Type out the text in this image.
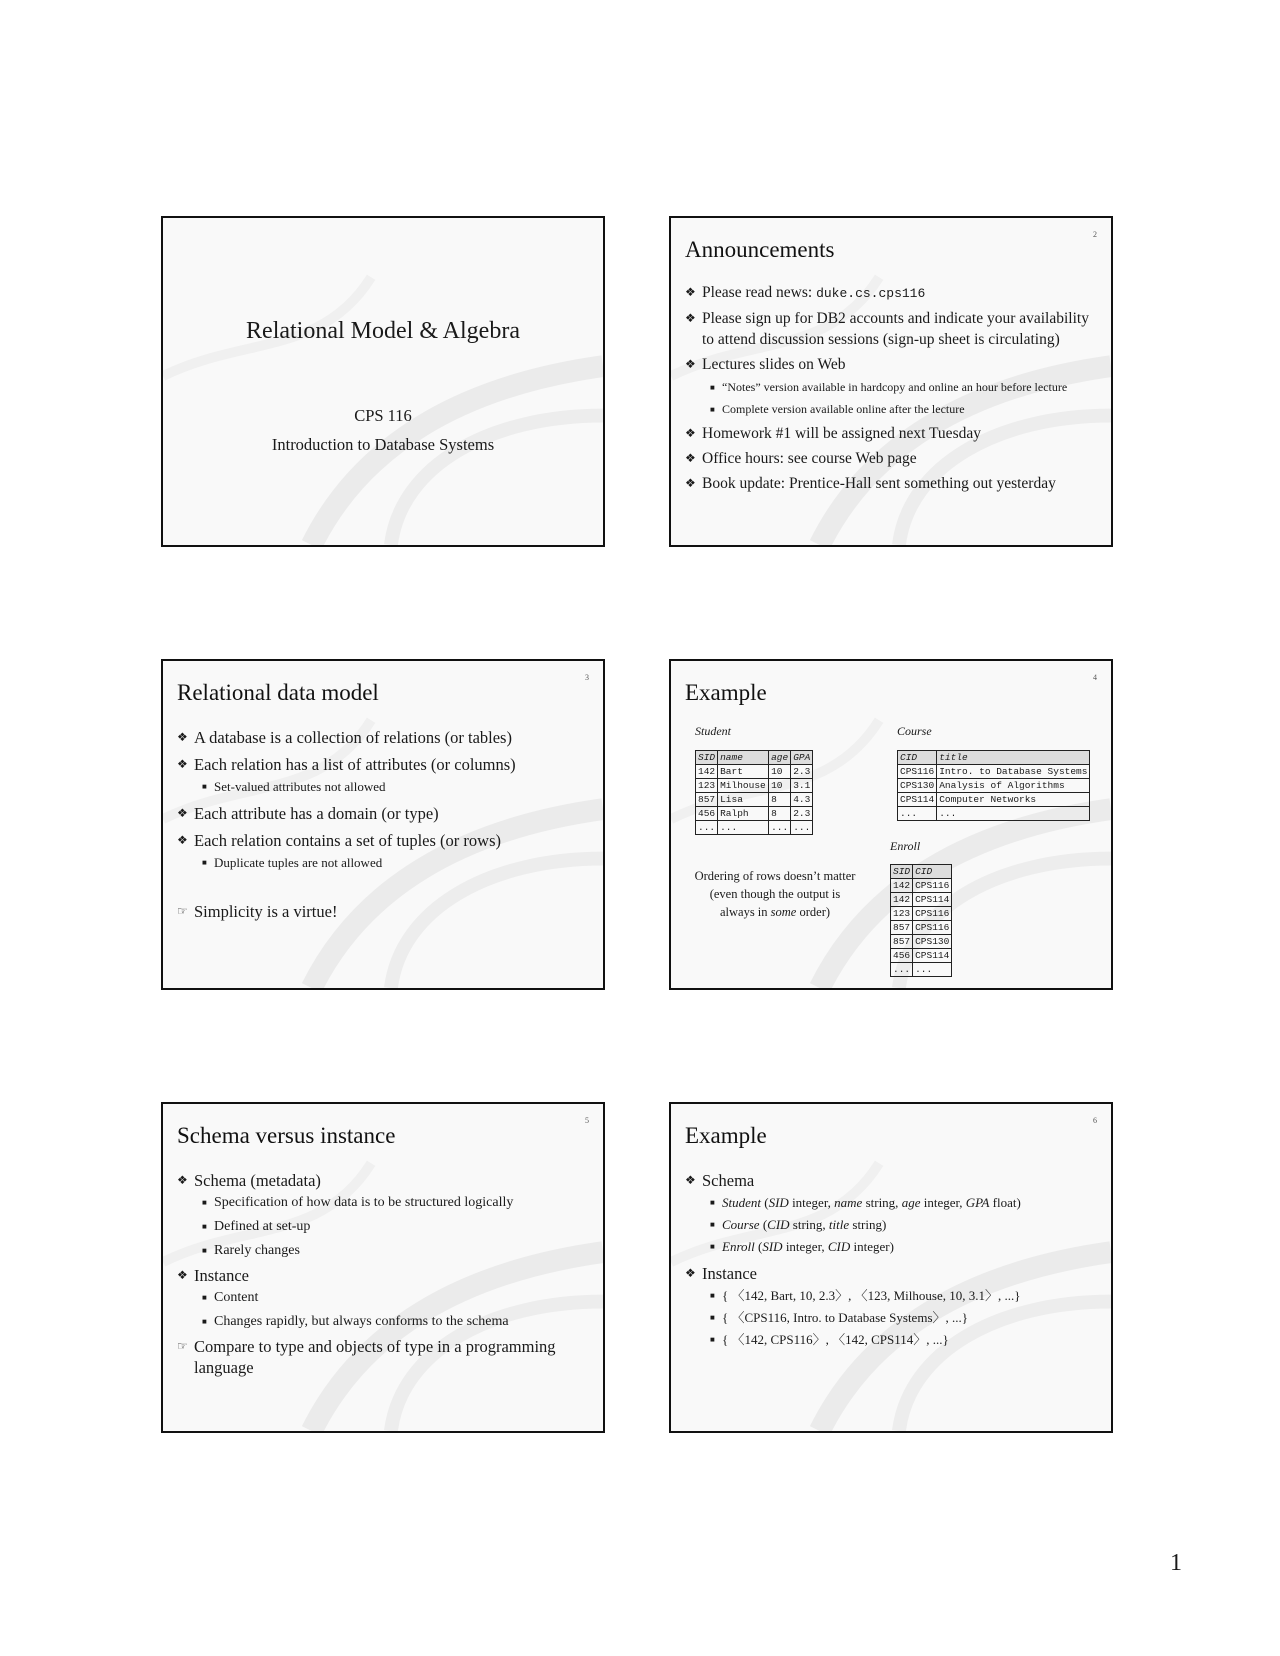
Relational Model & Algebra
CPS 116
Introduction to Database Systems
2
Announcements
❖ Please read news: duke.cs.cps116
❖ Please sign up for DB2 accounts and indicate your availability to attend discussion sessions (sign-up sheet is circulating)
❖ Lectures slides on Web
■ “Notes” version available in hardcopy and online an hour before lecture
■ Complete version available online after the lecture
❖ Homework #1 will be assigned next Tuesday
❖ Office hours: see course Web page
❖ Book update: Prentice-Hall sent something out yesterday
3
Relational data model
❖ A database is a collection of relations (or tables)
❖ Each relation has a list of attributes (or columns)
■ Set-valued attributes not allowed
❖ Each attribute has a domain (or type)
❖ Each relation contains a set of tuples (or rows)
■ Duplicate tuples are not allowed
☞ Simplicity is a virtue!
4
Example
Student
SID	name	age	GPA
142	Bart	10	2.3
123	Milhouse	10	3.1
857	Lisa	8	4.3
456	Ralph	8	2.3
...	...	...	...
Course
CID	title
CPS116	Intro. to Database Systems
CPS130	Analysis of Algorithms
CPS114	Computer Networks
...	...
Enroll
SID	CID
142	CPS116
142	CPS114
123	CPS116
857	CPS116
857	CPS130
456	CPS114
...	...
Ordering of rows doesn’t matter
(even though the output is
always in some order)
5
Schema versus instance
❖ Schema (metadata)
■ Specification of how data is to be structured logically
■ Defined at set-up
■ Rarely changes
❖ Instance
■ Content
■ Changes rapidly, but always conforms to the schema
☞ Compare to type and objects of type in a programming language
6
Example
❖ Schema
■ Student (SID integer, name string, age integer, GPA float)
■ Course (CID string, title string)
■ Enroll (SID integer, CID integer)
❖ Instance
■ { 〈142, Bart, 10, 2.3〉, 〈123, Milhouse, 10, 3.1〉, ...}
■ { 〈CPS116, Intro. to Database Systems〉, ...}
■ { 〈142, CPS116〉, 〈142, CPS114〉, ...}
1
